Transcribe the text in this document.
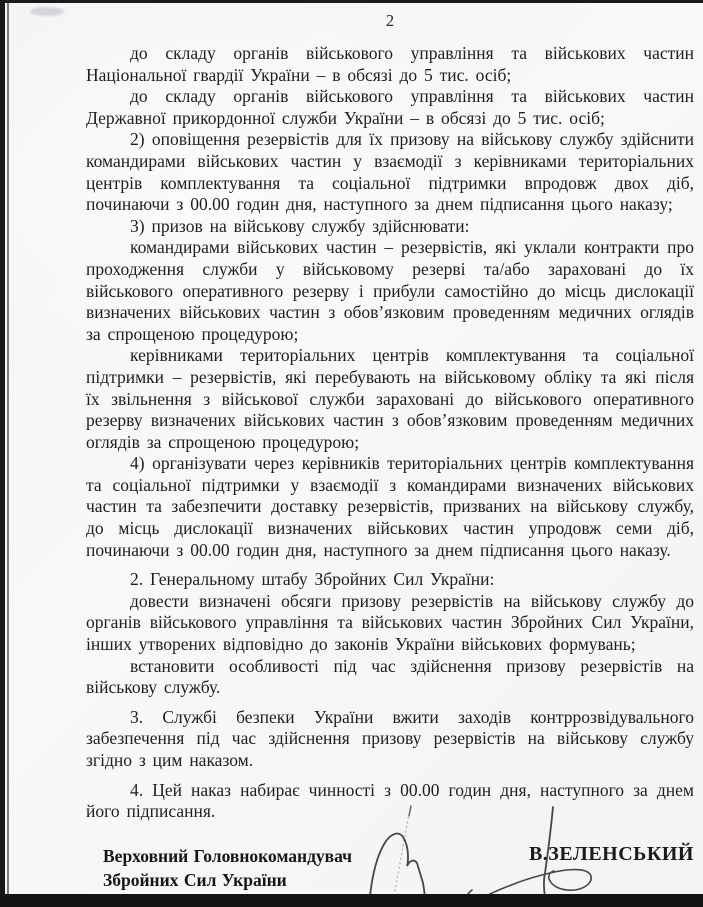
2

до складу органів військового управління та військових частин Національної гвардії України – в обсязі до 5 тис. осіб;

до складу органів військового управління та військових частин Державної прикордонної служби України – в обсязі до 5 тис. осіб;

2) оповіщення резервістів для їх призову на військову службу здійснити командирами військових частин у взаємодії з керівниками територіальних центрів комплектування та соціальної підтримки впродовж двох діб, починаючи з 00.00 годин дня, наступного за днем підписання цього наказу;

3) призов на військову службу здійснювати:

командирами військових частин – резервістів, які уклали контракти про проходження служби у військовому резерві та/або зараховані до їх військового оперативного резерву і прибули самостійно до місць дислокації визначених військових частин з обов’язковим проведенням медичних оглядів за спрощеною процедурою;

керівниками територіальних центрів комплектування та соціальної підтримки – резервістів, які перебувають на військовому обліку та які після їх звільнення з військової служби зараховані до військового оперативного резерву визначених військових частин з обов’язковим проведенням медичних оглядів за спрощеною процедурою;

4) організувати через керівників територіальних центрів комплектування та соціальної підтримки у взаємодії з командирами визначених військових частин та забезпечити доставку резервістів, призваних на військову службу, до місць дислокації визначених військових частин упродовж семи діб, починаючи з 00.00 годин дня, наступного за днем підписання цього наказу.

2. Генеральному штабу Збройних Сил України:

довести визначені обсяги призову резервістів на військову службу до органів військового управління та військових частин Збройних Сил України, інших утворених відповідно до законів України військових формувань;

встановити особливості під час здійснення призову резервістів на військову службу.

3. Службі безпеки України вжити заходів контррозвідувального забезпечення під час здійснення призову резервістів на військову службу згідно з цим наказом.

4. Цей наказ набирає чинності з 00.00 годин дня, наступного за днем його підписання.

Верховний Головнокомандувач
Збройних Сил України
В.ЗЕЛЕНСЬКИЙ
